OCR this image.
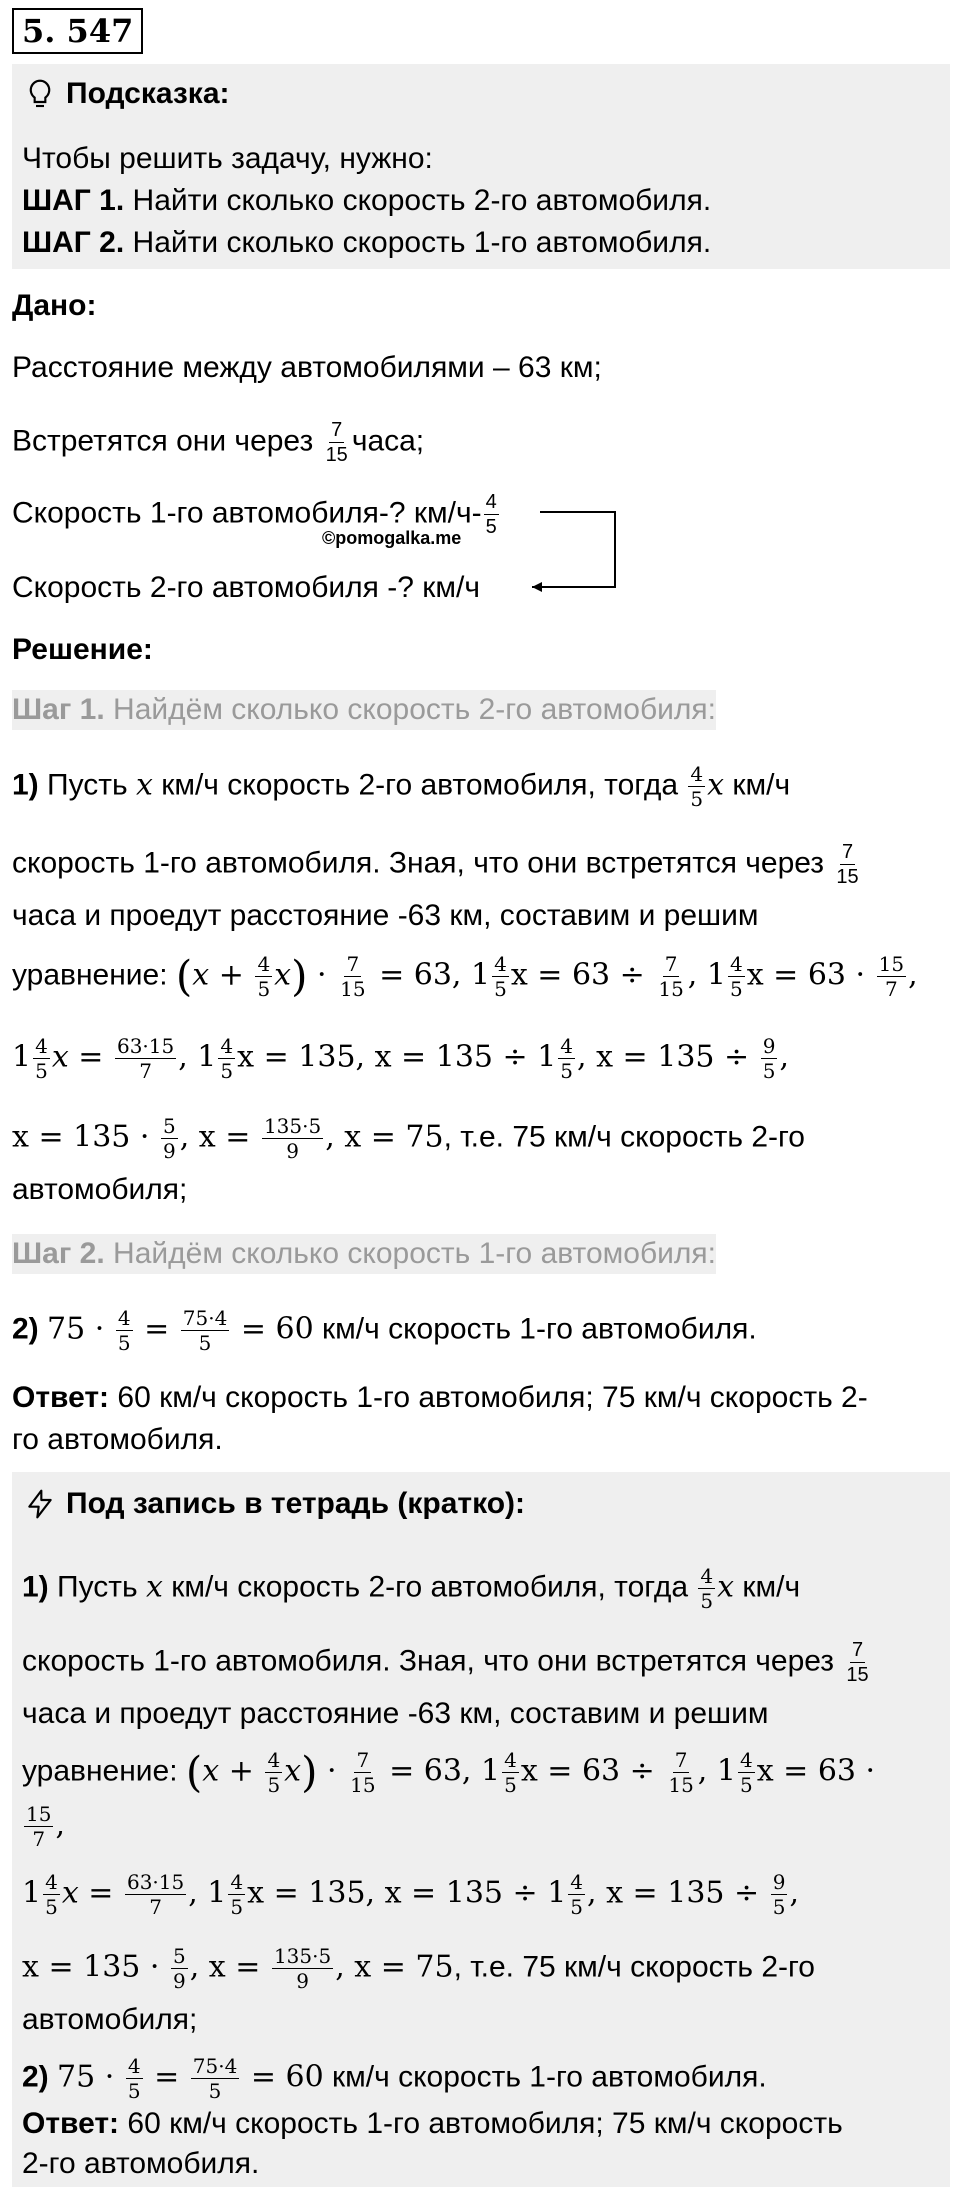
5. 547
Подсказка:
Чтобы решить задачу, нужно:
ШАГ 1. Найти сколько скорость 2-го автомобиля.
ШАГ 2. Найти сколько скорость 1-го автомобиля.
Дано:
Расстояние между автомобилями – 63 км;
Встретятся они через $\frac{7}{15}$ часа;
Скорость 1-го автомобиля-? $км/ч- \frac{4}{5}$
©pomogalka.me
Скорость 2-го автомобиля -? км/ч
Решение:
Шаг 1. Найдём сколько скорость 2-го автомобиля:
1) Пусть x км/ч скорость 2-го автомобиля, тогда $\frac{4}{5}$ x км/ч
скорость 1-го автомобиля. Зная, что они встретятся через $\frac{7}{15}$
часа и проедут расстояние -63 км, составим и решим
уравнение: $(x + \frac{4}{5} x) \cdot \frac{7}{15} = 63$, $1 \frac{4}{5}$ $x = 63 \div \frac{7}{15}$ , $1 \frac{4}{5}$ $x = 63 \cdot \frac{15}{7}$ ,
$1 \frac{4}{5}$ $x = \frac{63\cdot 15}{7}$ , $1 \frac{4}{5}$ x = 135, $x = 135 \div 1 \frac{4}{5}$ , $x = 135 \div \frac{9}{5}$ ,
$x = 135 \cdot \frac{5}{9}$ , $x = \frac{135\cdot 5}{9}$ , x = 75, т.е. 75 км/ч скорость 2-го
автомобиля;
Шаг 2. Найдём сколько скорость 1-го автомобиля:
2) $75 \cdot \frac{4}{5} = \frac{75\cdot 4}{5} = 60$ км/ч скорость 1-го автомобиля.
Ответ: 60 км/ч скорость 1-го автомобиля; 75 км/ч скорость 2-
го автомобиля.
Под запись в тетрадь (кратко):
1) Пусть x км/ч скорость 2-го автомобиля, тогда $\frac{4}{5}$ x км/ч
скорость 1-го автомобиля. Зная, что они встретятся через $\frac{7}{15}$
часа и проедут расстояние -63 км, составим и решим
уравнение: $(x + \frac{4}{5} x) \cdot \frac{7}{15} = 63$, $1 \frac{4}{5}$ $x = 63 \div \frac{7}{15}$ , $1 \frac{4}{5}$ x = 63 ·
$\frac{15}{7}$ ,
$1 \frac{4}{5}$ $x = \frac{63\cdot 15}{7}$ , $1 \frac{4}{5}$ x = 135, $x = 135 \div 1 \frac{4}{5}$ , $x = 135 \div \frac{9}{5}$ ,
$x = 135 \cdot \frac{5}{9}$ , $x = \frac{135\cdot 5}{9}$ , x = 75, т.е. 75 км/ч скорость 2-го
автомобиля;
2) $75 \cdot \frac{4}{5} = \frac{75\cdot 4}{5} = 60$ км/ч скорость 1-го автомобиля.
Ответ: 60 км/ч скорость 1-го автомобиля; 75 км/ч скорость
2-го автомобиля.
